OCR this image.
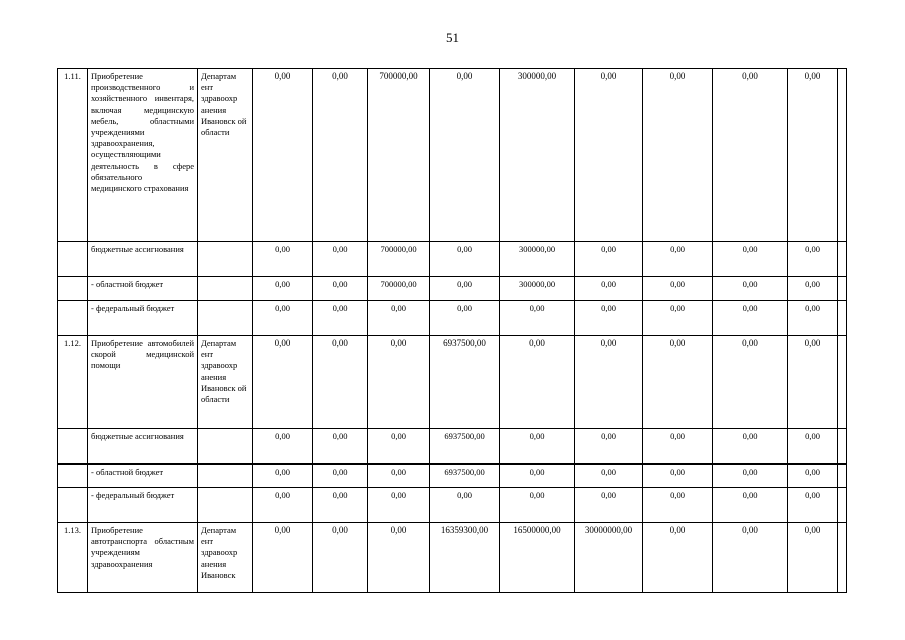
51
1.11.	Приобретение производственного и хозяйственного инвентаря, включая медицинскую мебель, областными учреждениями здравоохранения, осуществляющими деятельность в сфере обязательного медицинского страхования	Департам ент здравоохр анения Ивановск ой области	0,00	0,00	700000,00	0,00	300000,00	0,00	0,00	0,00	0,00	
	бюджетные ассигнования		0,00	0,00	700000,00	0,00	300000,00	0,00	0,00	0,00	0,00	
	- областной бюджет		0,00	0,00	700000,00	0,00	300000,00	0,00	0,00	0,00	0,00	
	- федеральный бюджет		0,00	0,00	0,00	0,00	0,00	0,00	0,00	0,00	0,00	
1.12.	Приобретение автомобилей скорой медицинской помощи	Департам ент здравоохр анения Ивановск ой области	0,00	0,00	0,00	6937500,00	0,00	0,00	0,00	0,00	0,00	
	бюджетные ассигнования		0,00	0,00	0,00	6937500,00	0,00	0,00	0,00	0,00	0,00	
	- областной бюджет		0,00	0,00	0,00	6937500,00	0,00	0,00	0,00	0,00	0,00	
	- федеральный бюджет		0,00	0,00	0,00	0,00	0,00	0,00	0,00	0,00	0,00	
1.13.	Приобретение автотранспорта областным учреждениям здравоохранения	Департам ент здравоохр анения Ивановск	0,00	0,00	0,00	16359300,00	16500000,00	30000000,00	0,00	0,00	0,00	
